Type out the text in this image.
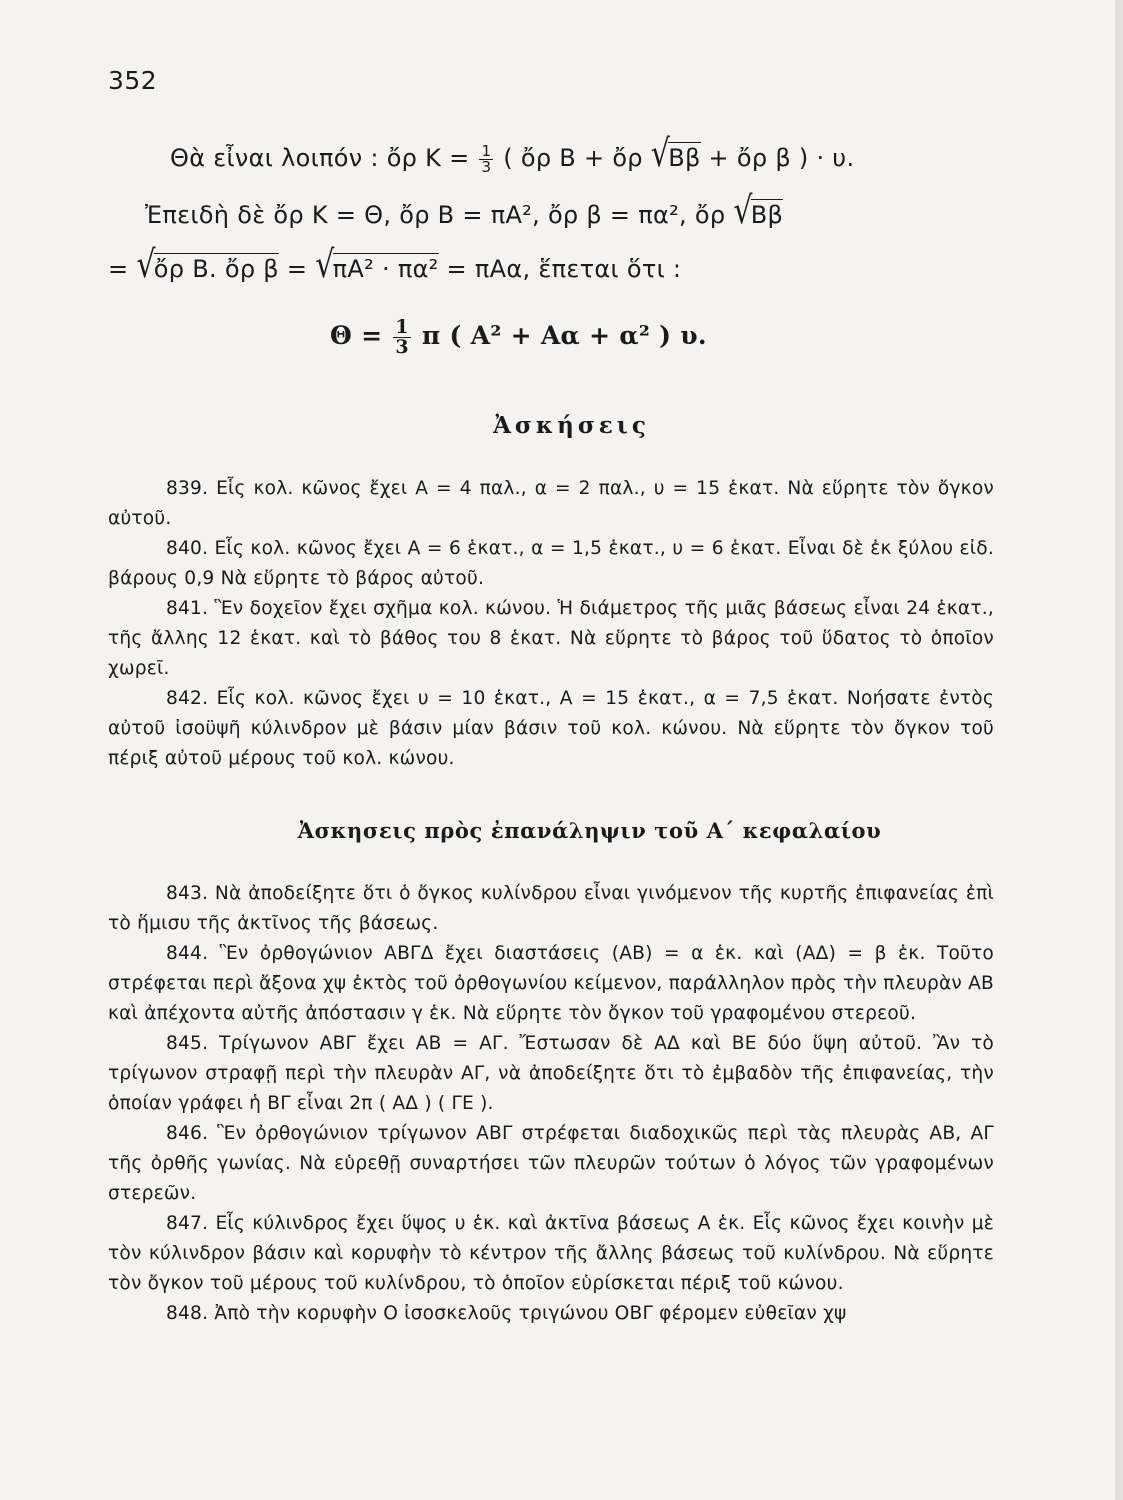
352
Θὰ εἶναι λοιπόν : ὄρ $K = \frac{1}{3}$ ( ὄρ Β + ὄρ √Ββ + ὄρ β ) · υ.
Ἐπειδὴ δὲ ὄρ Κ = Θ, ὄρ Β = πΑ², ὄρ β = πα², ὄρ √Ββ
= √ὄρ Β. ὄρ β = √πΑ² · πα² = πΑα, ἕπεται ὅτι :
$\Theta = \frac{1}{3}$ π ( Α² + Αα + α² ) υ.
Ἀσκήσεις

839. Εἷς κολ. κῶνος ἔχει Α = 4 παλ., α = 2 παλ., υ = 15 ἑκατ. Νὰ εὕρητε τὸν ὄγκον αὐτοῦ.

840. Εἷς κολ. κῶνος ἔχει Α = 6 ἑκατ., α = 1,5 ἑκατ., υ = 6 ἑκατ. Εἶναι δὲ ἐκ ξύλου εἰδ. βάρους 0,9 Νὰ εὕρητε τὸ βάρος αὐτοῦ.

841. Ἓν δοχεῖον ἔχει σχῆμα κολ. κώνου. Ἡ διάμετρος τῆς μιᾶς βάσεως εἶναι 24 ἑκατ., τῆς ἄλλης 12 ἑκατ. καὶ τὸ βάθος του 8 ἑκατ. Νὰ εὕρητε τὸ βάρος τοῦ ὕδατος τὸ ὁποῖον χωρεῖ.

842. Εἷς κολ. κῶνος ἔχει υ = 10 ἑκατ., Α = 15 ἑκατ., α = 7,5 ἑκατ. Νοήσατε ἐντὸς αὐτοῦ ἰσοϋψῆ κύλινδρον μὲ βάσιν μίαν βάσιν τοῦ κολ. κώνου. Νὰ εὕρητε τὸν ὄγκον τοῦ πέριξ αὐτοῦ μέρους τοῦ κολ. κώνου.

Ἀσκησεις πρὸς ἐπανάληψιν τοῦ Α΄ κεφαλαίου

843. Νὰ ἀποδείξητε ὅτι ὁ ὄγκος κυλίνδρου εἶναι γινόμενον τῆς κυρτῆς ἐπιφανείας ἐπὶ τὸ ἥμισυ τῆς ἀκτῖνος τῆς βάσεως.

844. Ἓν ὀρθογώνιον ΑΒΓΔ ἔχει διαστάσεις (ΑΒ) = α ἑκ. καὶ (ΑΔ) = β ἑκ. Τοῦτο στρέφεται περὶ ἄξονα χψ ἐκτὸς τοῦ ὀρθογωνίου κείμενον, παράλληλον πρὸς τὴν πλευρὰν ΑΒ καὶ ἀπέχοντα αὐτῆς ἀπόστασιν γ ἑκ. Νὰ εὕρητε τὸν ὄγκον τοῦ γραφομένου στερεοῦ.

845. Τρίγωνον ΑΒΓ ἔχει ΑΒ = ΑΓ. Ἔστωσαν δὲ ΑΔ καὶ ΒΕ δύο ὕψη αὐτοῦ. Ἂν τὸ τρίγωνον στραφῇ περὶ τὴν πλευρὰν ΑΓ, νὰ ἀποδείξητε ὅτι τὸ ἐμβαδὸν τῆς ἐπιφανείας, τὴν ὁποίαν γράφει ἡ ΒΓ εἶναι 2π ( ΑΔ ) ( ΓΕ ).

846. Ἓν ὀρθογώνιον τρίγωνον ΑΒΓ στρέφεται διαδοχικῶς περὶ τὰς πλευρὰς ΑΒ, ΑΓ τῆς ὀρθῆς γωνίας. Νὰ εὑρεθῇ συναρτήσει τῶν πλευρῶν τούτων ὁ λόγος τῶν γραφομένων στερεῶν.

847. Εἷς κύλινδρος ἔχει ὕψος υ ἑκ. καὶ ἀκτῖνα βάσεως Α ἑκ. Εἷς κῶνος ἔχει κοινὴν μὲ τὸν κύλινδρον βάσιν καὶ κορυφὴν τὸ κέντρον τῆς ἄλλης βάσεως τοῦ κυλίνδρου. Νὰ εὕρητε τὸν ὄγκον τοῦ μέρους τοῦ κυλίνδρου, τὸ ὁποῖον εὑρίσκεται πέριξ τοῦ κώνου.

848. Ἀπὸ τὴν κορυφὴν Ο ἰσοσκελοῦς τριγώνου ΟΒΓ φέρομεν εὐθεῖαν χψ
